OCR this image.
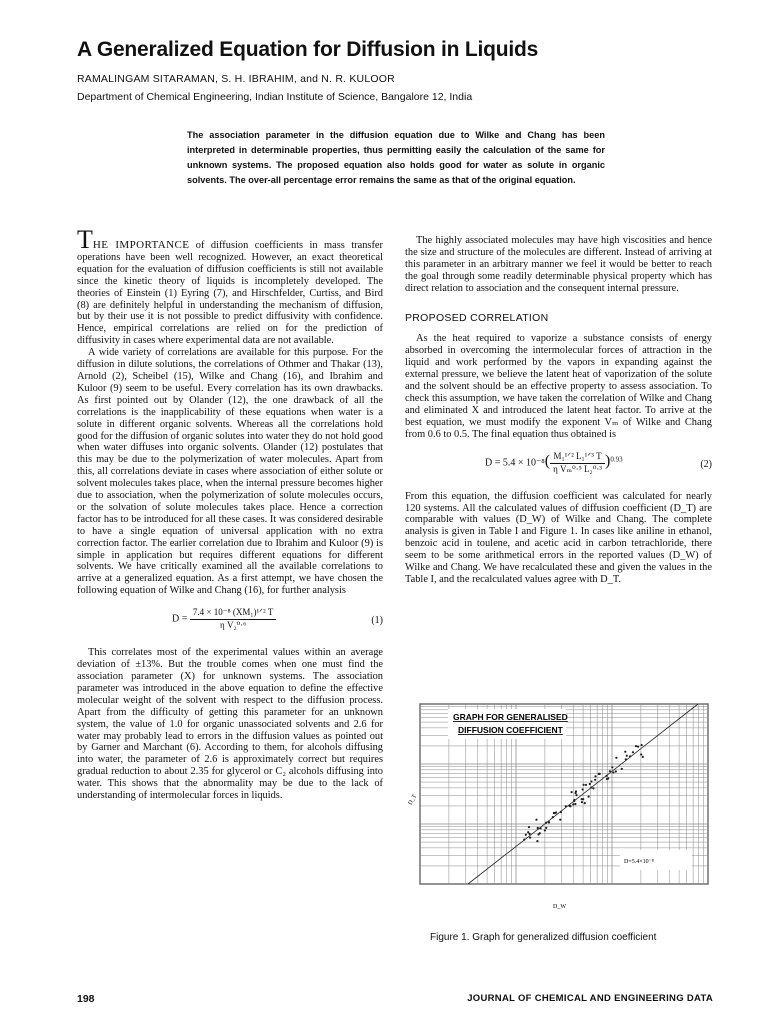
A Generalized Equation for Diffusion in Liquids
RAMALINGAM SITARAMAN, S. H. IBRAHIM, and N. R. KULOOR
Department of Chemical Engineering, Indian Institute of Science, Bangalore 12, India
The association parameter in the diffusion equation due to Wilke and Chang has been interpreted in determinable properties, thus permitting easily the calculation of the same for unknown systems. The proposed equation also holds good for water as solute in organic solvents. The over-all percentage error remains the same as that of the original equation.

THE IMPORTANCE of diffusion coefficients in mass transfer operations have been well recognized. However, an exact theoretical equation for the evaluation of diffusion coefficients is still not available since the kinetic theory of liquids is incompletely developed. The theories of Einstein (1) Eyring (7), and Hirschfelder, Curtiss, and Bird (8) are definitely helpful in understanding the mechanism of diffusion, but by their use it is not possible to predict diffusivity with confidence. Hence, empirical correlations are relied on for the prediction of diffusivity in cases where experimental data are not available.

A wide variety of correlations are available for this purpose. For the diffusion in dilute solutions, the correlations of Othmer and Thakar (13), Arnold (2), Scheibel (15), Wilke and Chang (16), and Ibrahim and Kuloor (9) seem to be useful. Every correlation has its own drawbacks. As first pointed out by Olander (12), the one drawback of all the correlations is the inapplicability of these equations when water is a solute in different organic solvents. Whereas all the correlations hold good for the diffusion of organic solutes into water they do not hold good when water diffuses into organic solvents. Olander (12) postulates that this may be due to the polymerization of water molecules. Apart from this, all correlations deviate in cases where association of either solute or solvent molecules takes place, when the internal pressure becomes higher due to association, when the polymerization of solute molecules occurs, or the solvation of solute molecules takes place. Hence a correction factor has to be introduced for all these cases. It was considered desirable to have a single equation of universal application with no extra correction factor. The earlier correlation due to Ibrahim and Kuloor (9) is simple in application but requires different equations for different solvents. We have critically examined all the available correlations to arrive at a generalized equation. As a first attempt, we have chosen the following equation of Wilke and Chang (16), for further analysis

$D = \frac{\text{7.4 × 10⁻⁸ (XM₁)¹ᐟ² T}}{\text{η V₂⁰·⁶}}$	(1)

This correlates most of the experimental values within an average deviation of ±13%. But the trouble comes when one must find the association parameter (X) for unknown systems. The association parameter was introduced in the above equation to define the effective molecular weight of the solvent with respect to the diffusion process. Apart from the difficulty of getting this parameter for an unknown system, the value of 1.0 for organic unassociated solvents and 2.6 for water may probably lead to errors in the diffusion values as pointed out by Garner and Marchant (6). According to them, for alcohols diffusing into water, the parameter of 2.6 is approximately correct but requires gradual reduction to about 2.35 for glycerol or C₂ alcohols diffusing into water. This shows that the abnormality may be due to the lack of understanding of intermolecular forces in liquids.

The highly associated molecules may have high viscosities and hence the size and structure of the molecules are different. Instead of arriving at this parameter in an arbitrary manner we feel it would be better to reach the goal through some readily determinable physical property which has direct relation to association and the consequent internal pressure.

PROPOSED CORRELATION

As the heat required to vaporize a substance consists of energy absorbed in overcoming the intermolecular forces of attraction in the liquid and work performed by the vapors in expanding against the external pressure, we believe the latent heat of vaporization of the solute and the solvent should be an effective property to assess association. To check this assumption, we have taken the correlation of Wilke and Chang and eliminated X and introduced the latent heat factor. To arrive at the best equation, we must modify the exponent Vₘ of Wilke and Chang from 0.6 to 0.5. The final equation thus obtained is

$D = 5.4 \times 10^{-8}( \frac{\text{M₁¹ᐟ² L₁¹ᐟ³ T}}{\text{η Vₘ⁰·⁵ L₂⁰·³}} )^{0.93}$	(2)

From this equation, the diffusion coefficient was calculated for nearly 120 systems. All the calculated values of diffusion coefficient (D_T) are comparable with values (D_W) of Wilke and Chang. The complete analysis is given in Table I and Figure 1. In cases like aniline in ethanol, benzoic acid in toulene, and acetic acid in carbon tetrachloride, there seem to be some arithmetical errors in the reported values (D_W) of Wilke and Chang. We have recalculated these and given the values in the Table I, and the recalculated values agree with D_T.

GRAPH FOR GENERALISED
DIFFUSION COEFFICIENT
D=5.4×10⁻⁸
D_T
D_W
Figure 1. Graph for generalized diffusion coefficient
198	JOURNAL OF CHEMICAL AND ENGINEERING DATA
